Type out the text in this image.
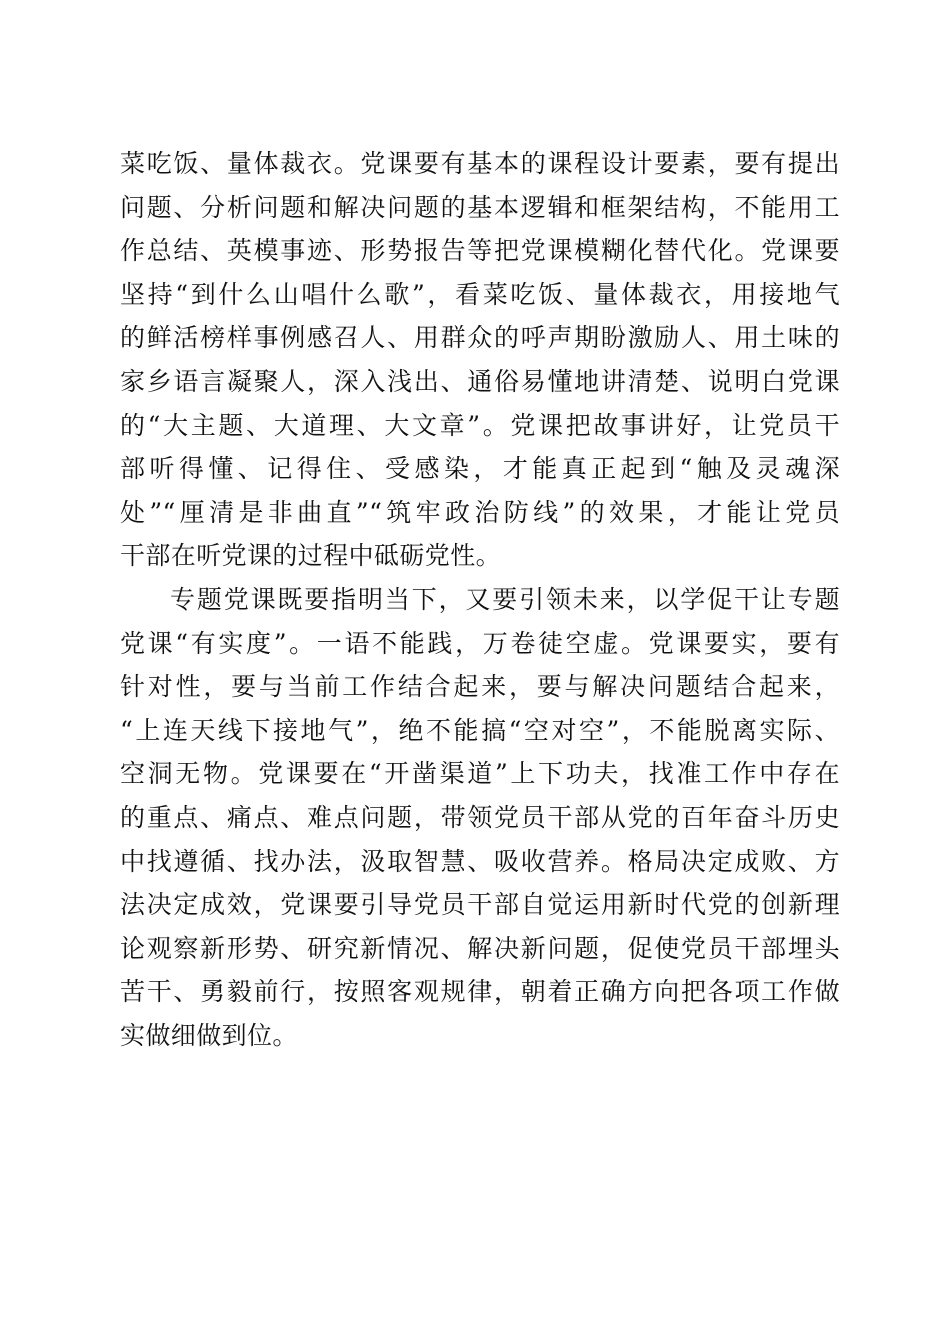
菜吃饭、量体裁衣。党课要有基本的课程设计要素，要有提出
问题、分析问题和解决问题的基本逻辑和框架结构，不能用工
作总结、英模事迹、形势报告等把党课模糊化替代化。党课要
坚持“到什么山唱什么歌”，看菜吃饭、量体裁衣，用接地气
的鲜活榜样事例感召人、用群众的呼声期盼激励人、用土味的
家乡语言凝聚人，深入浅出、通俗易懂地讲清楚、说明白党课
的“大主题、大道理、大文章”。党课把故事讲好，让党员干
部听得懂、记得住、受感染，才能真正起到“触及灵魂深
处”“厘清是非曲直”“筑牢政治防线”的效果，才能让党员
干部在听党课的过程中砥砺党性。
专题党课既要指明当下，又要引领未来，以学促干让专题
党课“有实度”。一语不能践，万卷徒空虚。党课要实，要有
针对性，要与当前工作结合起来，要与解决问题结合起来，
“上连天线下接地气”，绝不能搞“空对空”，不能脱离实际、
空洞无物。党课要在“开凿渠道”上下功夫，找准工作中存在
的重点、痛点、难点问题，带领党员干部从党的百年奋斗历史
中找遵循、找办法，汲取智慧、吸收营养。格局决定成败、方
法决定成效，党课要引导党员干部自觉运用新时代党的创新理
论观察新形势、研究新情况、解决新问题，促使党员干部埋头
苦干、勇毅前行，按照客观规律，朝着正确方向把各项工作做
实做细做到位。
